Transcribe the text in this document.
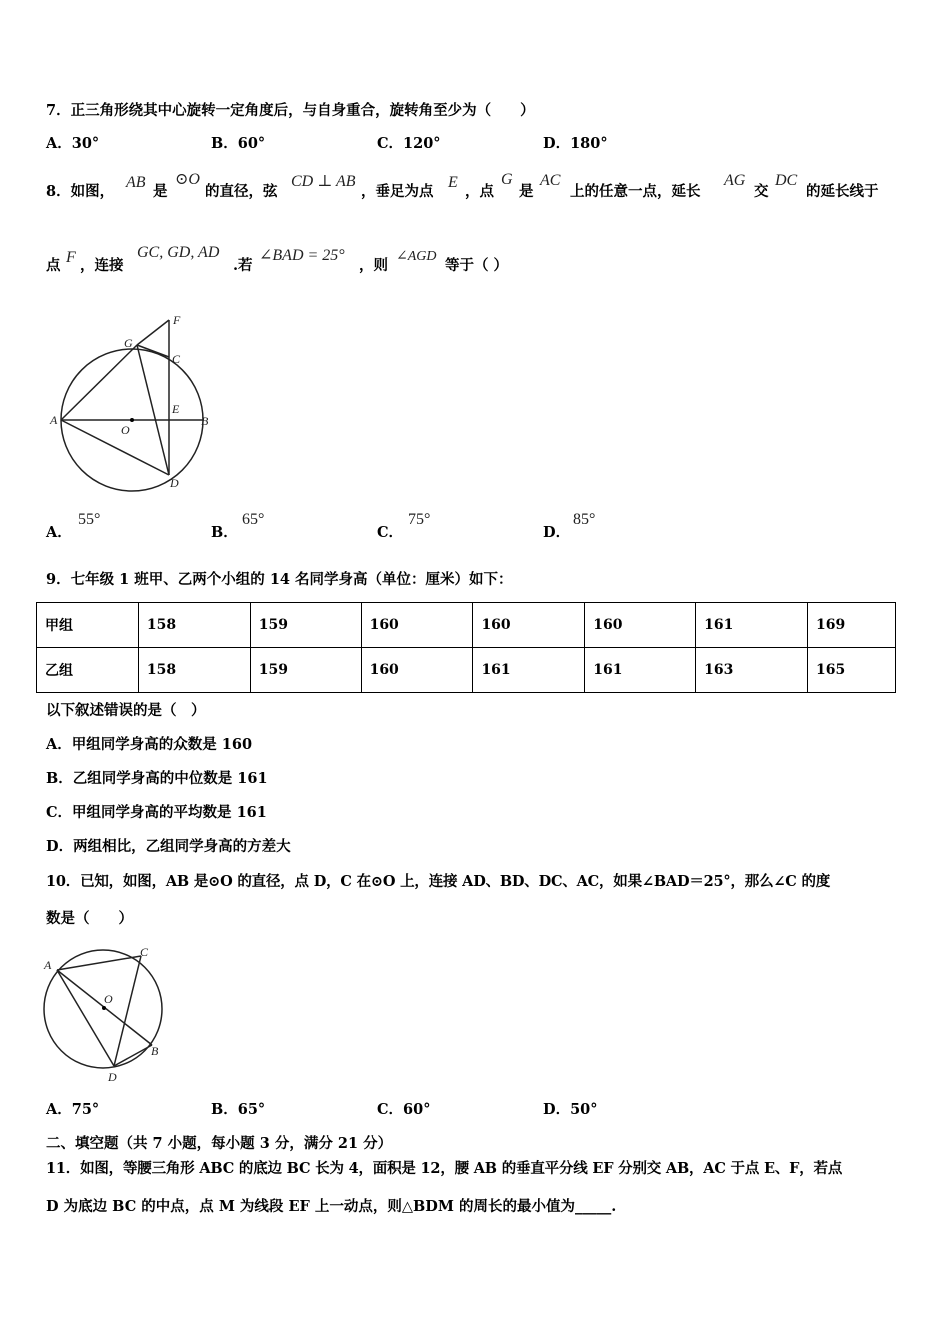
7．正三角形绕其中心旋转一定角度后，与自身重合，旋转角至少为（　　）
A．30°	B．60°	C．120°	D．180°
8．如图，
AB
是
⊙O
的直径，弦
CD ⊥ AB
，垂足为点
E
，点
G
是
AC
上的任意一点，延长
AG
交
DC
的延长线于
点 F ，连接
GC, GD, AD
.若
∠BAD = 25°
，则
∠AGD
等于（ ）
F
G
C
E
A
O
B
D
A．
55°
B．
65°
C．
75°
D．
85°
9．七年级 1 班甲、乙两个小组的 14 名同学身高（单位：厘米）如下：
甲组	158	159	160	160	160	161	169
乙组	158	159	160	161	161	163	165
以下叙述错误的是（　）
A．甲组同学身高的众数是 160
B．乙组同学身高的中位数是 161
C．甲组同学身高的平均数是 161
D．两组相比，乙组同学身高的方差大
10．已知，如图，AB 是⊙O 的直径，点 D，C 在⊙O 上，连接 AD、BD、DC、AC，如果∠BAD＝25°，那么∠C 的度
数是（　　）
A
C
O
B
D
A．75°	B．65°	C．60°	D．50°
二、填空题（共 7 小题，每小题 3 分，满分 21 分）
11．如图，等腰三角形 ABC 的底边 BC 长为 4，面积是 12，腰 AB 的垂直平分线 EF 分别交 AB，AC 于点 E、F，若点
D 为底边 BC 的中点，点 M 为线段 EF 上一动点，则△BDM 的周长的最小值为_____.
